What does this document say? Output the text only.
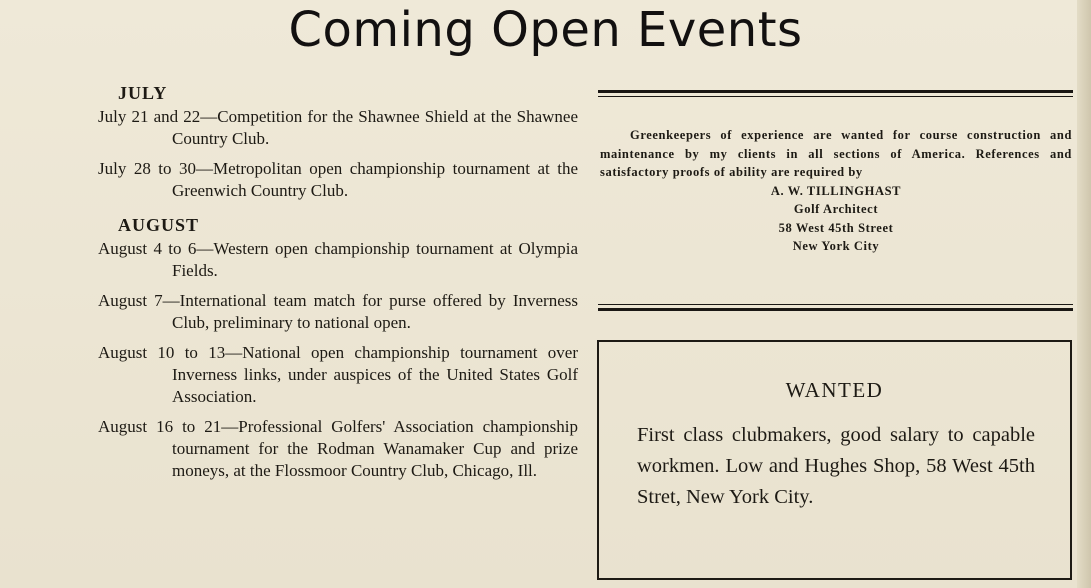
Coming Open Events
JULY

July 21 and 22—Competition for the Shawnee Shield at the Shawnee Country Club.

July 28 to 30—Metropolitan open championship tournament at the Greenwich Country Club.

AUGUST

August 4 to 6—Western open championship tournament at Olympia Fields.

August 7—International team match for purse offered by Inverness Club, preliminary to national open.

August 10 to 13—National open championship tournament over Inverness links, under auspices of the United States Golf Association.

August 16 to 21—Professional Golfers' Association championship tournament for the Rodman Wanamaker Cup and prize moneys, at the Flossmoor Country Club, Chicago, Ill.

Greenkeepers of experience are wanted for course construction and maintenance by my clients in all sections of America. References and satisfactory proofs of ability are required by
A. W. TILLINGHAST
Golf Architect
58 West 45th Street
New York City
WANTED
First class clubmakers, good salary to capable workmen. Low and Hughes Shop, 58 West 45th Stret, New York City.
